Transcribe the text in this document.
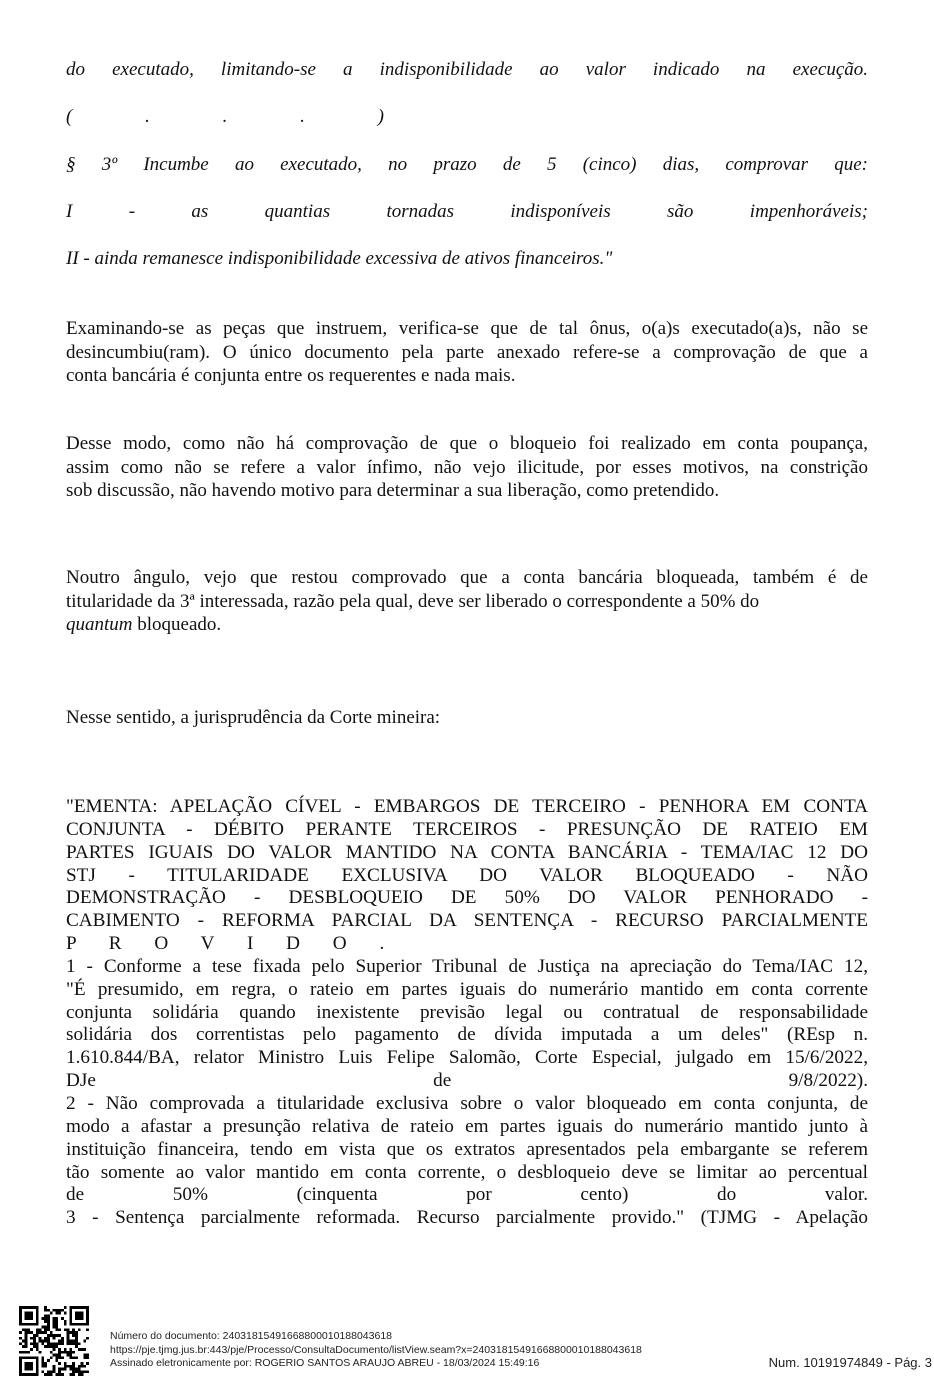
do executado, limitando-se a indisponibilidade ao valor indicado na execução.
( . . . )
§ 3º Incumbe ao executado, no prazo de 5 (cinco) dias, comprovar que:
I - as quantias tornadas indisponíveis são impenhoráveis;
II - ainda remanesce indisponibilidade excessiva de ativos financeiros."
Examinando-se as peças que instruem, verifica-se que de tal ônus, o(a)s executado(a)s, não se
desincumbiu(ram). O único documento pela parte anexado refere-se a comprovação de que a
conta bancária é conjunta entre os requerentes e nada mais.
Desse modo, como não há comprovação de que o bloqueio foi realizado em conta poupança,
assim como não se refere a valor ínfimo, não vejo ilicitude, por esses motivos, na constrição
sob discussão, não havendo motivo para determinar a sua liberação, como pretendido.
Noutro ângulo, vejo que restou comprovado que a conta bancária bloqueada, também é de
titularidade da 3ª interessada, razão pela qual, deve ser liberado o correspondente a 50% do
quantum bloqueado.
Nesse sentido, a jurisprudência da Corte mineira:
"EMENTA: APELAÇÃO CÍVEL - EMBARGOS DE TERCEIRO - PENHORA EM CONTA
CONJUNTA - DÉBITO PERANTE TERCEIROS - PRESUNÇÃO DE RATEIO EM
PARTES IGUAIS DO VALOR MANTIDO NA CONTA BANCÁRIA - TEMA/IAC 12 DO
STJ - TITULARIDADE EXCLUSIVA DO VALOR BLOQUEADO - NÃO
DEMONSTRAÇÃO - DESBLOQUEIO DE 50% DO VALOR PENHORADO -
CABIMENTO - REFORMA PARCIAL DA SENTENÇA - RECURSO PARCIALMENTE
P R O V I D O .
1 - Conforme a tese fixada pelo Superior Tribunal de Justiça na apreciação do Tema/IAC 12,
"É presumido, em regra, o rateio em partes iguais do numerário mantido em conta corrente
conjunta solidária quando inexistente previsão legal ou contratual de responsabilidade
solidária dos correntistas pelo pagamento de dívida imputada a um deles" (REsp n.
1.610.844/BA, relator Ministro Luis Felipe Salomão, Corte Especial, julgado em 15/6/2022,
DJe de 9/8/2022).
2 - Não comprovada a titularidade exclusiva sobre o valor bloqueado em conta conjunta, de
modo a afastar a presunção relativa de rateio em partes iguais do numerário mantido junto à
instituição financeira, tendo em vista que os extratos apresentados pela embargante se referem
tão somente ao valor mantido em conta corrente, o desbloqueio deve se limitar ao percentual
de 50% (cinquenta por cento) do valor.
3 - Sentença parcialmente reformada. Recurso parcialmente provido." (TJMG - Apelação
Número do documento: 24031815491668800010188043618
https://pje.tjmg.jus.br:443/pje/Processo/ConsultaDocumento/listView.seam?x=24031815491668800010188043618
Assinado eletronicamente por: ROGERIO SANTOS ARAUJO ABREU - 18/03/2024 15:49:16	Num. 10191974849 - Pág. 3
